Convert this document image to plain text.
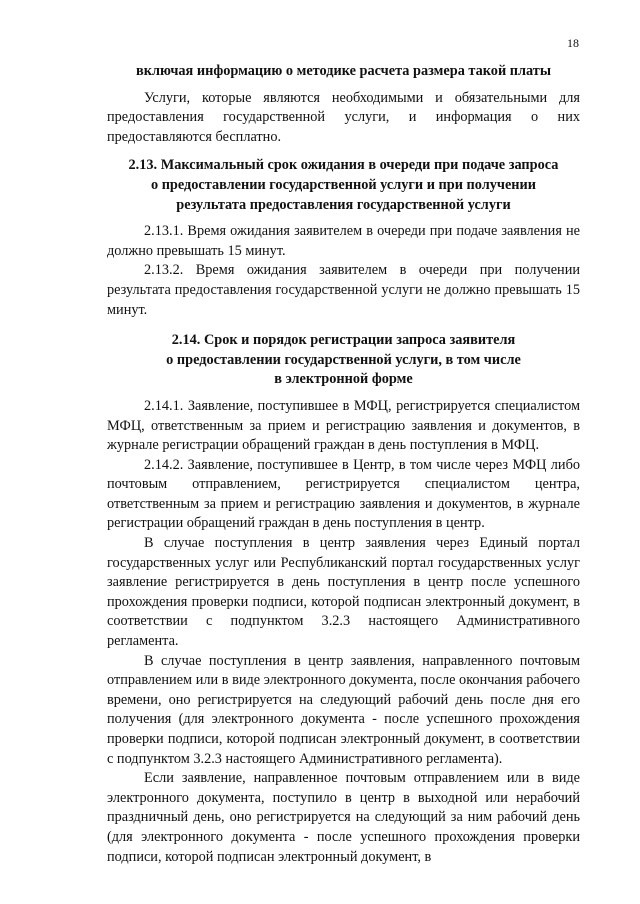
18

включая информацию о методике расчета размера такой платы

Услуги, которые являются необходимыми и обязательными для предоставления государственной услуги, и информация о них предоставляются бесплатно.

2.13. Максимальный срок ожидания в очереди при подаче запроса
о предоставлении государственной услуги и при получении
результата предоставления государственной услуги

2.13.1. Время ожидания заявителем в очереди при подаче заявления не должно превышать 15 минут.

2.13.2. Время ожидания заявителем в очереди при получении результата предоставления государственной услуги не должно превышать 15 минут.

2.14. Срок и порядок регистрации запроса заявителя
о предоставлении государственной услуги, в том числе
в электронной форме

2.14.1. Заявление, поступившее в МФЦ, регистрируется специалистом МФЦ, ответственным за прием и регистрацию заявления и документов, в журнале регистрации обращений граждан в день поступления в МФЦ.

2.14.2. Заявление, поступившее в Центр, в том числе через МФЦ либо почтовым отправлением, регистрируется специалистом центра, ответственным за прием и регистрацию заявления и документов, в журнале регистрации обращений граждан в день поступления в центр.

В случае поступления в центр заявления через Единый портал государственных услуг или Республиканский портал государственных услуг заявление регистрируется в день поступления в центр после успешного прохождения проверки подписи, которой подписан электронный документ, в соответствии с подпунктом 3.2.3 настоящего Административного регламента.

В случае поступления в центр заявления, направленного почтовым отправлением или в виде электронного документа, после окончания рабочего времени, оно регистрируется на следующий рабочий день после дня его получения (для электронного документа - после успешного прохождения проверки подписи, которой подписан электронный документ, в соответствии с подпунктом 3.2.3 настоящего Административного регламента).

Если заявление, направленное почтовым отправлением или в виде электронного документа, поступило в центр в выходной или нерабочий праздничный день, оно регистрируется на следующий за ним рабочий день (для электронного документа - после успешного прохождения проверки подписи, которой подписан электронный документ, в
